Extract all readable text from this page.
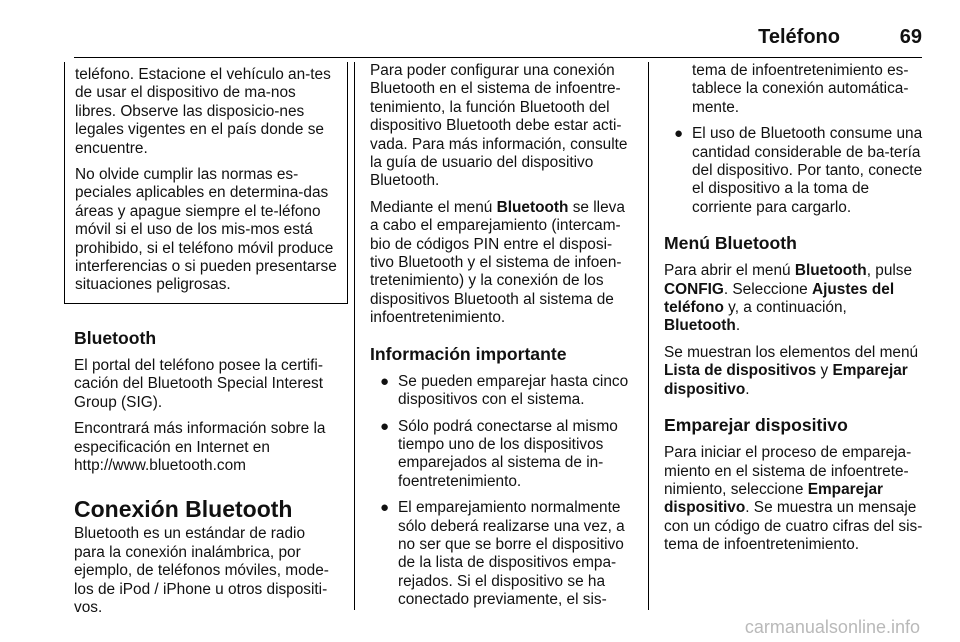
Teléfono	69

teléfono. Estacione el vehículo an-tes de usar el dispositivo de ma-nos libres. Observe las disposicio-nes legales vigentes en el país donde se encuentre.

No olvide cumplir las normas es-peciales aplicables en determina-das áreas y apague siempre el te-léfono móvil si el uso de los mis-mos está prohibido, si el teléfono móvil produce interferencias o si pueden presentarse situaciones peligrosas.

Bluetooth

El portal del teléfono posee la certifi-cación del Bluetooth Special Interest Group (SIG).

Encontrará más información sobre la especificación en Internet en http://www.bluetooth.com

Conexión Bluetooth

Bluetooth es un estándar de radio para la conexión inalámbrica, por ejemplo, de teléfonos móviles, mode-los de iPod / iPhone u otros dispositi-vos.

Para poder configurar una conexión Bluetooth en el sistema de infoentre-tenimiento, la función Bluetooth del dispositivo Bluetooth debe estar acti-vada. Para más información, consulte la guía de usuario del dispositivo Bluetooth.

Mediante el menú Bluetooth se lleva a cabo el emparejamiento (intercam-bio de códigos PIN entre el disposi-tivo Bluetooth y el sistema de infoen-tretenimiento) y la conexión de los dispositivos Bluetooth al sistema de infoentretenimiento.

Información importante
● Se pueden emparejar hasta cinco dispositivos con el sistema.
● Sólo podrá conectarse al mismo tiempo uno de los dispositivos emparejados al sistema de in-foentretenimiento.
● El emparejamiento normalmente sólo deberá realizarse una vez, a no ser que se borre el dispositivo de la lista de dispositivos empa-rejados. Si el dispositivo se ha conectado previamente, el sis-
tema de infoentretenimiento es-tablece la conexión automática-mente.
● El uso de Bluetooth consume una cantidad considerable de ba-tería del dispositivo. Por tanto, conecte el dispositivo a la toma de corriente para cargarlo.
Menú Bluetooth

Para abrir el menú Bluetooth, pulse CONFIG. Seleccione Ajustes del teléfono y, a continuación, Bluetooth.

Se muestran los elementos del menú Lista de dispositivos y Emparejar dispositivo.

Emparejar dispositivo

Para iniciar el proceso de empareja-miento en el sistema de infoentrete-nimiento, seleccione Emparejar dispositivo. Se muestra un mensaje con un código de cuatro cifras del sis-tema de infoentretenimiento.

carmanualsonline.info
